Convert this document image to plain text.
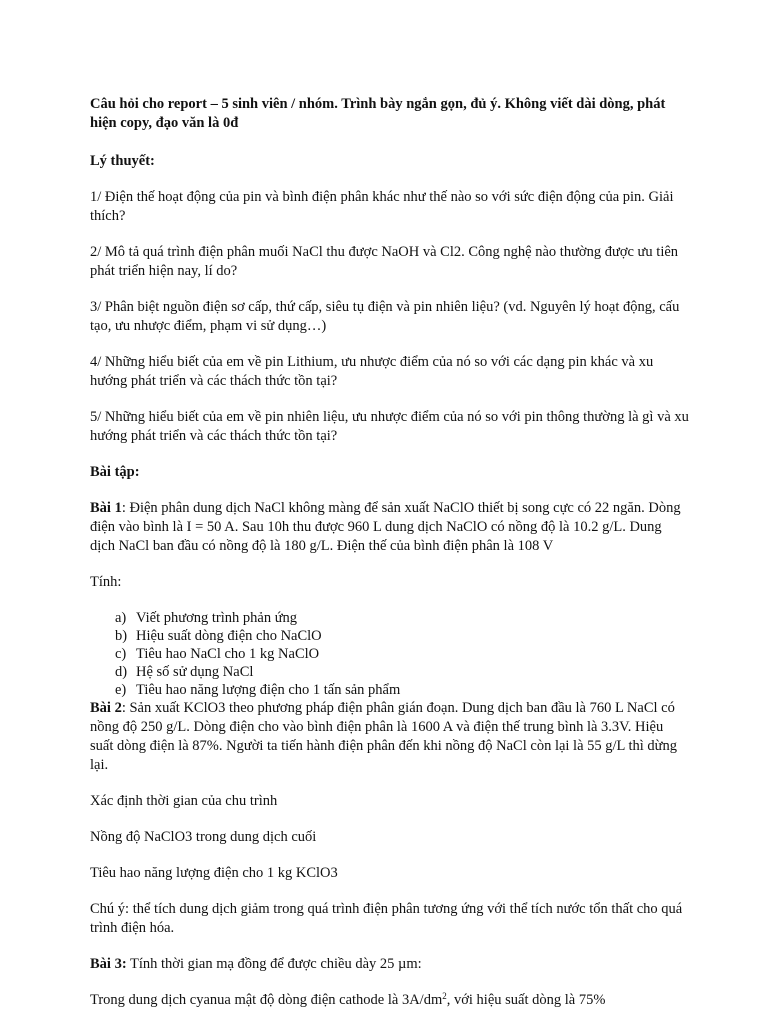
Câu hỏi cho report – 5 sinh viên / nhóm. Trình bày ngắn gọn, đủ ý. Không viết dài dòng, phát hiện copy, đạo văn là 0đ

Lý thuyết:

1/ Điện thế hoạt động của pin và bình điện phân khác như thế nào so với sức điện động của pin. Giải thích?

2/ Mô tả quá trình điện phân muối NaCl thu được NaOH và Cl2. Công nghệ nào thường được ưu tiên phát triển hiện nay, lí do?

3/ Phân biệt nguồn điện sơ cấp, thứ cấp, siêu tụ điện và pin nhiên liệu? (vd. Nguyên lý hoạt động, cấu tạo, ưu nhược điểm, phạm vi sử dụng…)

4/ Những hiểu biết của em về pin Lithium, ưu nhược điểm của nó so với các dạng pin khác và xu hướng phát triển và các thách thức tồn tại?

5/ Những hiểu biết của em về pin nhiên liệu, ưu nhược điểm của nó so với pin thông thường là gì và xu hướng phát triển và các thách thức tồn tại?

Bài tập:

Bài 1: Điện phân dung dịch NaCl không màng để sản xuất NaClO thiết bị song cực có 22 ngăn. Dòng điện vào bình là I = 50 A. Sau 10h thu được 960 L dung dịch NaClO có nồng độ là 10.2 g/L. Dung dịch NaCl ban đầu có nồng độ là 180 g/L. Điện thế của bình điện phân là 108 V

Tính:

a) Viết phương trình phản ứng
b) Hiệu suất dòng điện cho NaClO
c) Tiêu hao NaCl cho 1 kg NaClO
d) Hệ số sử dụng NaCl
e) Tiêu hao năng lượng điện cho 1 tấn sản phẩm

Bài 2: Sản xuất KClO3 theo phương pháp điện phân gián đoạn. Dung dịch ban đầu là 760 L NaCl có nồng độ 250 g/L. Dòng điện cho vào bình điện phân là 1600 A và điện thế trung bình là 3.3V. Hiệu suất dòng điện là 87%. Người ta tiến hành điện phân đến khi nồng độ NaCl còn lại là 55 g/L thì dừng lại.

Xác định thời gian của chu trình

Nồng độ NaClO3 trong dung dịch cuối

Tiêu hao năng lượng điện cho 1 kg KClO3

Chú ý: thể tích dung dịch giảm trong quá trình điện phân tương ứng với thể tích nước tổn thất cho quá trình điện hóa.

Bài 3: Tính thời gian mạ đồng để được chiều dày 25 µm:

Trong dung dịch cyanua mật độ dòng điện cathode là $3A/dm^2$, với hiệu suất dòng là 75%
